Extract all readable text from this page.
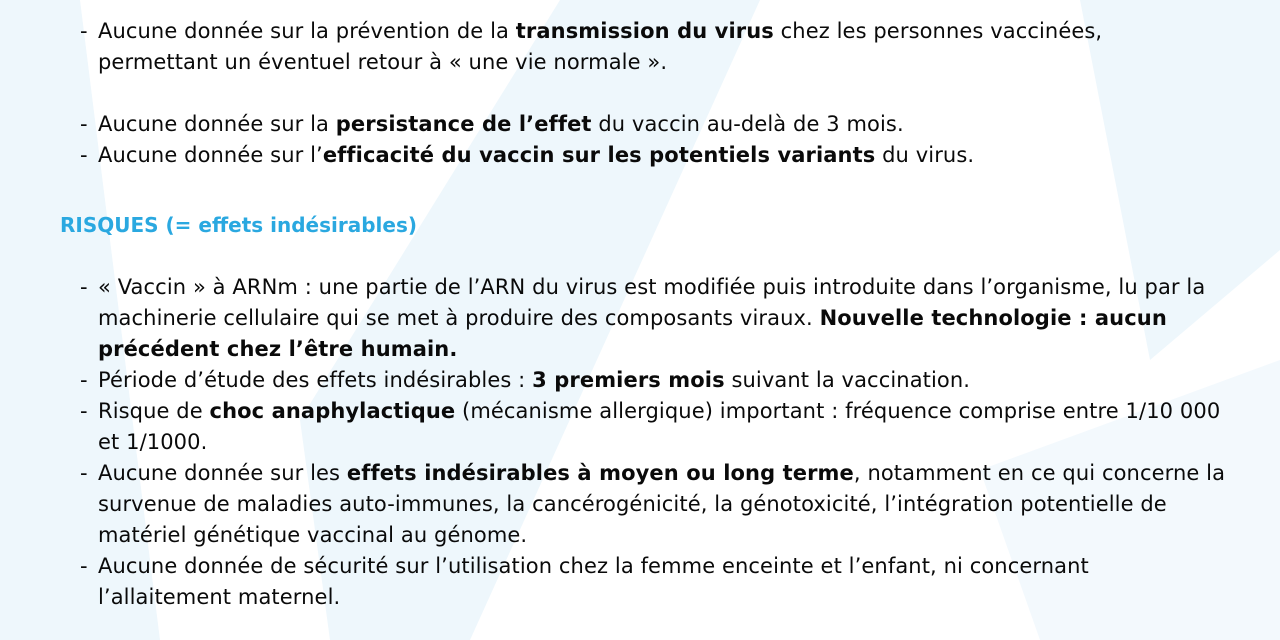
- Aucune donnée sur la prévention de la transmission du virus chez les personnes vaccinées, permettant un éventuel retour à « une vie normale ».
- Aucune donnée sur la persistance de l’effet du vaccin au-delà de 3 mois.
- Aucune donnée sur l’efficacité du vaccin sur les potentiels variants du virus.
RISQUES (= effets indésirables)
- « Vaccin » à ARNm : une partie de l’ARN du virus est modifiée puis introduite dans l’organisme, lu par la machinerie cellulaire qui se met à produire des composants viraux. Nouvelle technologie : aucun précédent chez l’être humain.
- Période d’étude des effets indésirables : 3 premiers mois suivant la vaccination.
- Risque de choc anaphylactique (mécanisme allergique) important : fréquence comprise entre 1/10 000 et 1/1000.
- Aucune donnée sur les effets indésirables à moyen ou long terme, notamment en ce qui concerne la survenue de maladies auto-immunes, la cancérogénicité, la génotoxicité, l’intégration potentielle de matériel génétique vaccinal au génome.
- Aucune donnée de sécurité sur l’utilisation chez la femme enceinte et l’enfant, ni concernant l’allaitement maternel.
